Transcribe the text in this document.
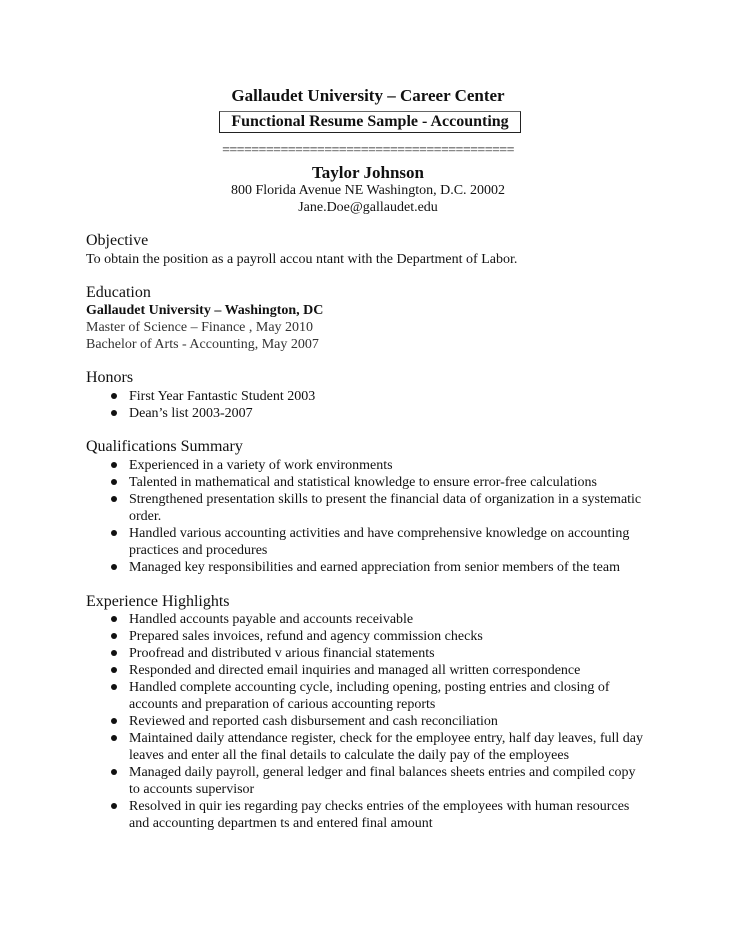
Gallaudet University – Career Center
Functional Resume Sample - Accounting
========================================
Taylor Johnson
800 Florida Avenue NE Washington, D.C. 20002
Jane.Doe@gallaudet.edu
Objective
To obtain the position as a payroll accou ntant with the Department of Labor.
Education
Gallaudet University – Washington, DC
Master of Science – Finance , May 2010
Bachelor of Arts - Accounting, May 2007
Honors
First Year Fantastic Student 2003
Dean’s list 2003-2007
Qualifications Summary
Experienced in a variety of work environments
Talented in mathematical and statistical knowledge to ensure error-free calculations
Strengthened presentation skills to present the financial data of organization in a systematic order.
Handled various accounting activities and have comprehensive knowledge on accounting practices and procedures
Managed key responsibilities and earned appreciation from senior members of the team
Experience Highlights
Handled accounts payable and accounts receivable
Prepared sales invoices, refund and agency commission checks
Proofread and distributed v arious financial statements
Responded and directed email inquiries and managed all written correspondence
Handled complete accounting cycle, including opening, posting entries and closing of accounts and preparation of carious accounting reports
Reviewed and reported cash disbursement and cash reconciliation
Maintained daily attendance register, check for the employee entry, half day leaves, full day leaves and enter all the final details to calculate the daily pay of the employees
Managed daily payroll, general ledger and final balances sheets entries and compiled copy to accounts supervisor
Resolved in quir ies regarding pay checks entries of the employees with human resources and accounting departmen ts and entered final amount
